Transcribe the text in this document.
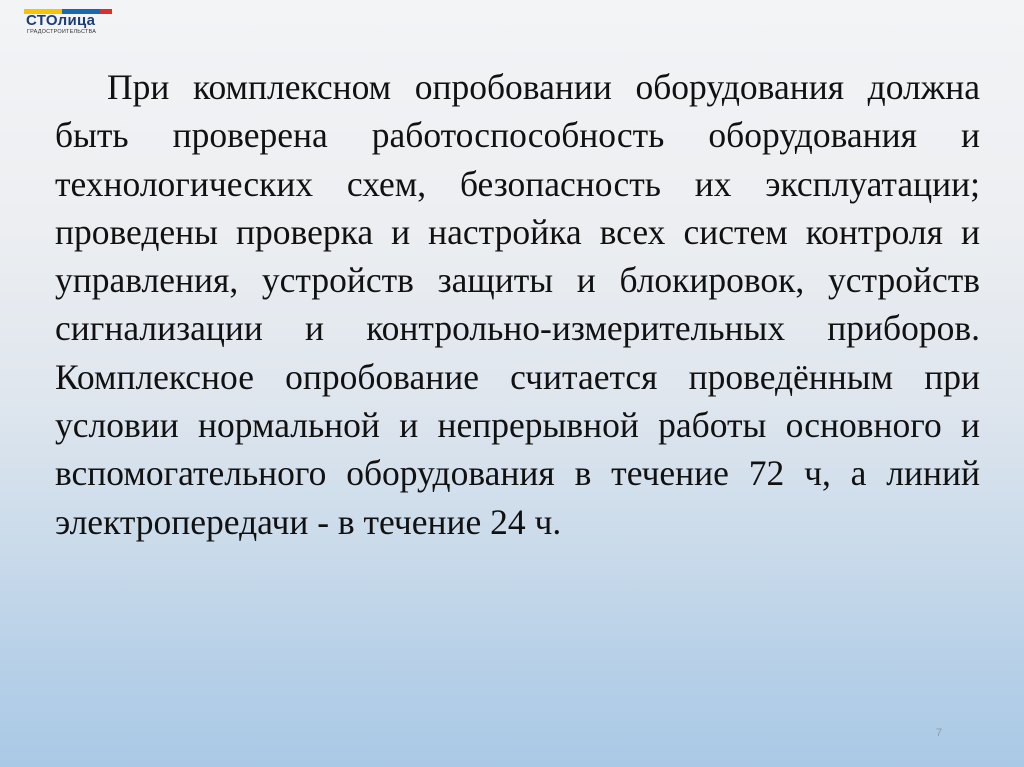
СТОлица
ГРАДОСТРОИТЕЛЬСТВА

При комплексном опробовании оборудования должна быть проверена работоспособность оборудования и технологических схем, безопасность их эксплуатации; проведены проверка и настройка всех систем контроля и управления, устройств защиты и блокировок, устройств сигнализации и контрольно-измерительных приборов. Комплексное опробование считается проведённым при условии нормальной и непрерывной работы основного и вспомогательного оборудования в течение 72 ч, а линий электропередачи - в течение 24 ч.

7
